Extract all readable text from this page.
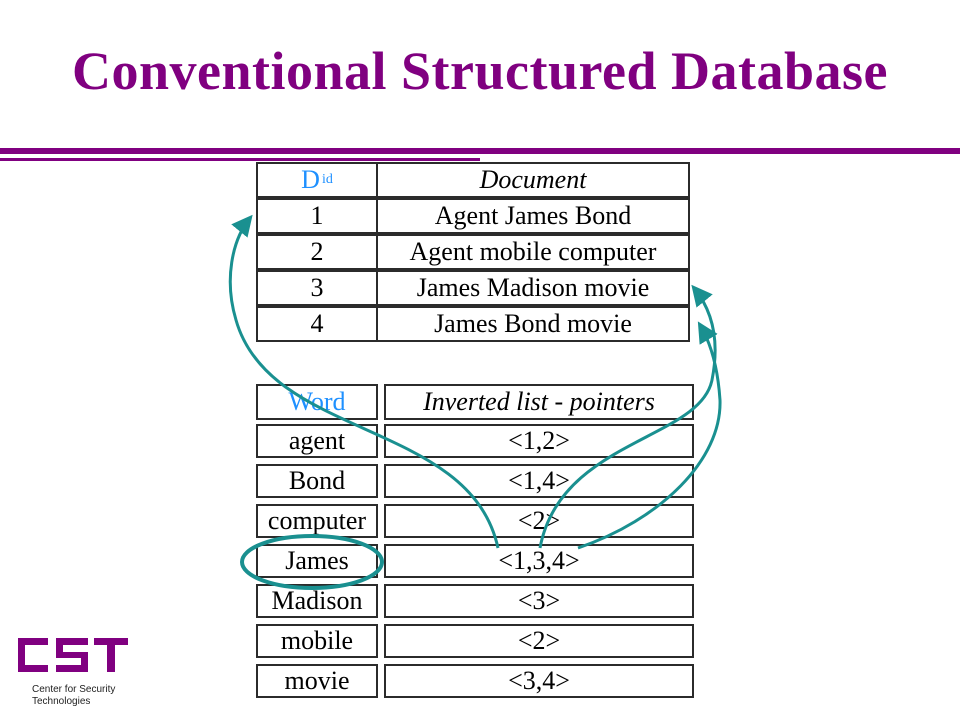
Conventional Structured Database
D id	Document
1	Agent James Bond
2	Agent mobile computer
3	James Madison movie
4	James Bond movie
Word	Inverted list - pointers
agent	<1,2>
Bond	<1,4>
computer	<2>
James	<1,3,4>
Madison	<3>
mobile	<2>
movie	<3,4>
Center for Security
Technologies
